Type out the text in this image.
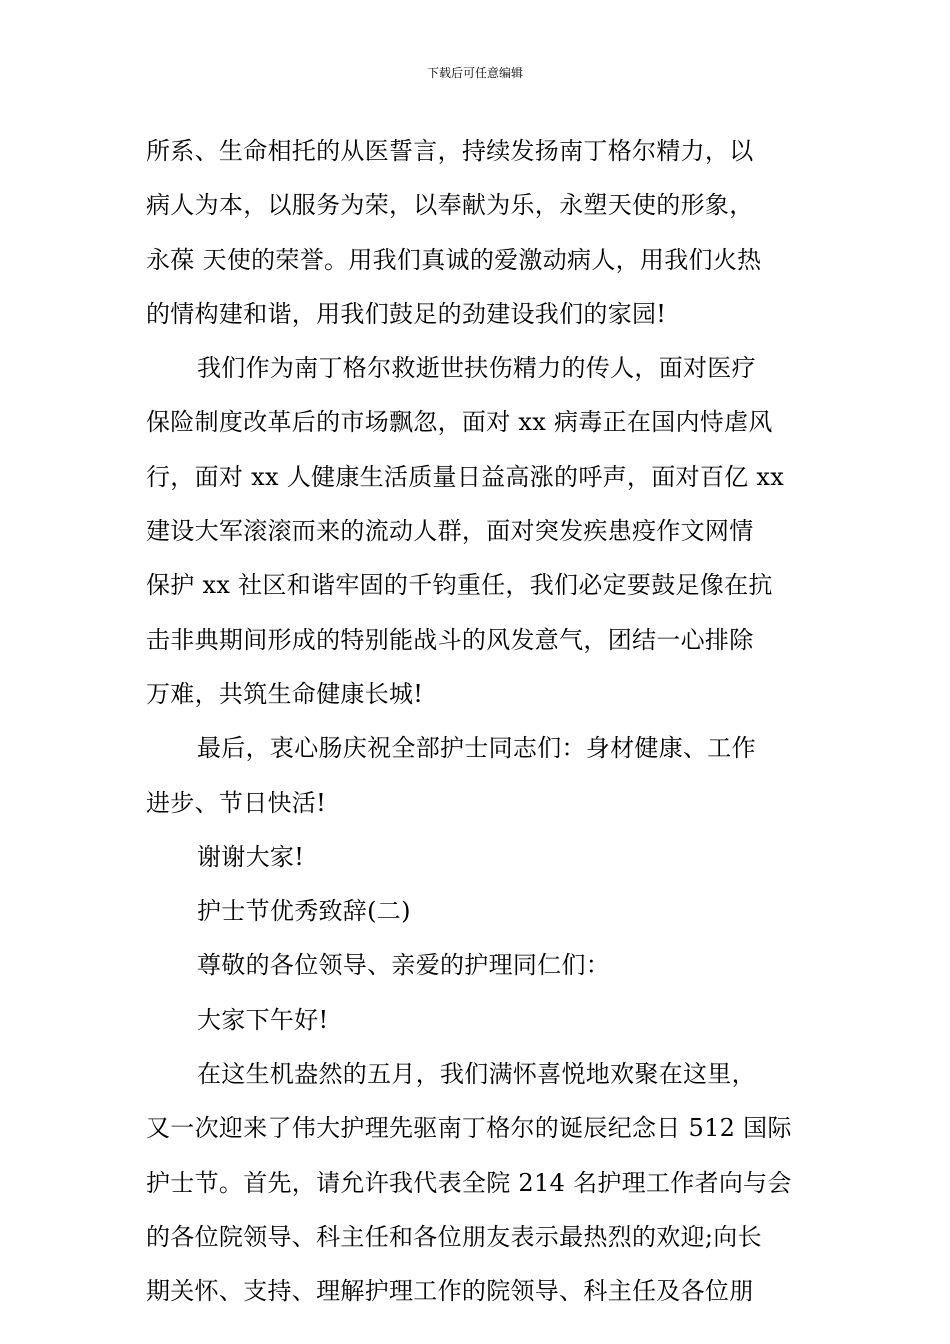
下载后可任意编辑
所系、生命相托的从医誓言，持续发扬南丁格尔精力，以
病人为本，以服务为荣，以奉献为乐，永塑天使的形象，
永葆 天使的荣誉。用我们真诚的爱激动病人，用我们火热
的情构建和谐，用我们鼓足的劲建设我们的家园!
我们作为南丁格尔救逝世扶伤精力的传人，面对医疗
保险制度改革后的市场飘忽，面对 xx 病毒正在国内恃虐风
行，面对 xx 人健康生活质量日益高涨的呼声，面对百亿 xx
建设大军滚滚而来的流动人群，面对突发疾患疫作文网情
保护 xx 社区和谐牢固的千钧重任，我们必定要鼓足像在抗
击非典期间形成的特别能战斗的风发意气，团结一心排除
万难，共筑生命健康长城!
最后，衷心肠庆祝全部护士同志们：身材健康、工作
进步、节日快活!
谢谢大家!
护士节优秀致辞(二)
尊敬的各位领导、亲爱的护理同仁们：
大家下午好!
在这生机盎然的五月，我们满怀喜悦地欢聚在这里，
又一次迎来了伟大护理先驱南丁格尔的诞辰纪念日 512 国际
护士节。首先，请允许我代表全院 214 名护理工作者向与会
的各位院领导、科主任和各位朋友表示最热烈的欢迎;向长
期关怀、支持、理解护理工作的院领导、科主任及各位朋
